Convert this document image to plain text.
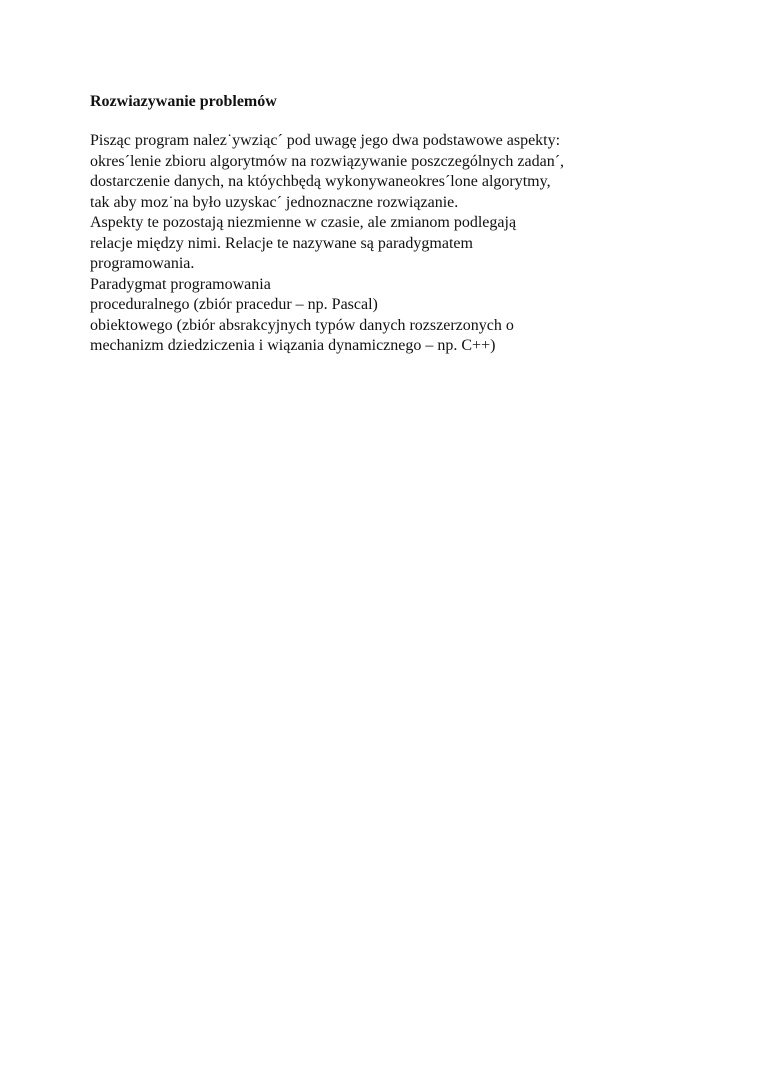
Rozwiazywanie problemów
Pisząc program nalez˙ywziąc´ pod uwagę jego dwa podstawowe aspekty:
okres´lenie zbioru algorytmów na rozwiązywanie poszczególnych zadan´,
dostarczenie danych, na któychbędą wykonywaneokres´lone algorytmy,
tak aby moz˙na było uzyskac´ jednoznaczne rozwiązanie.
Aspekty te pozostają niezmienne w czasie, ale zmianom podlegają
relacje między nimi. Relacje te nazywane są paradygmatem
programowania.
Paradygmat programowania
proceduralnego (zbiór pracedur – np. Pascal)
obiektowego (zbiór absrakcyjnych typów danych rozszerzonych o
mechanizm dziedziczenia i wiązania dynamicznego – np. C++)
